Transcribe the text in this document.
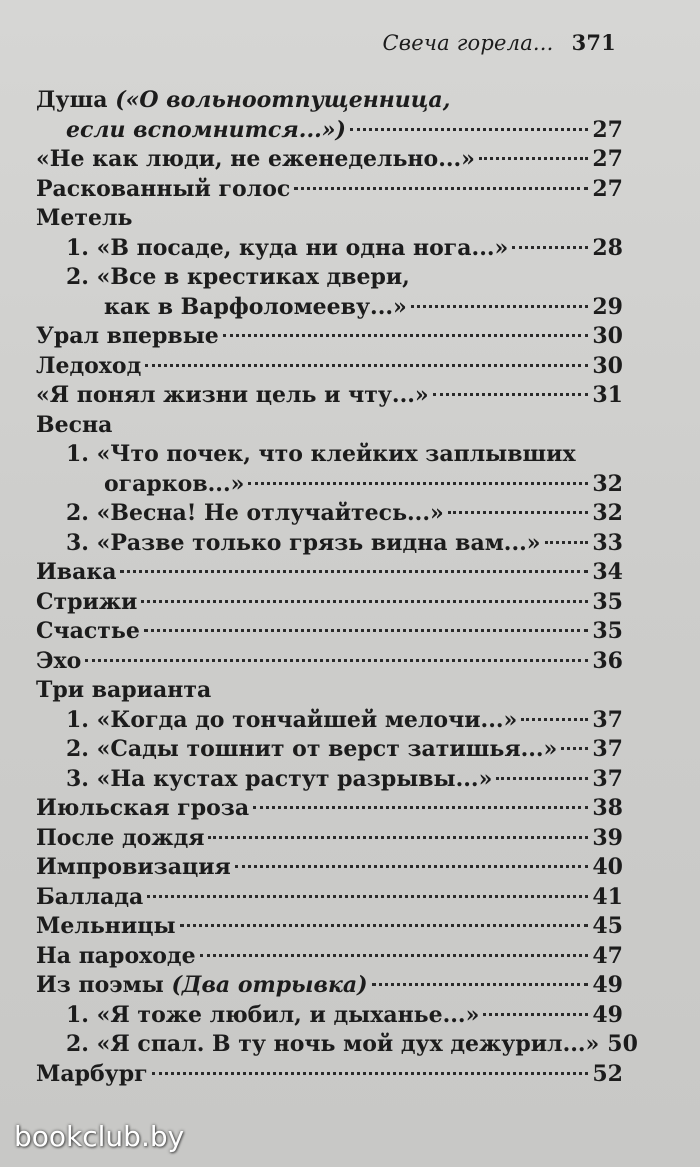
Свеча горела... 371
Душа («О вольноотпущенница,
если вспомнится...»)	27
«Не как люди, не еженедельно...»	27
Раскованный голос	27
Метель
1. «В посаде, куда ни одна нога...»	28
2. «Все в крестиках двери,
как в Варфоломееву...»	29
Урал впервые	30
Ледоход	30
«Я понял жизни цель и чту...»	31
Весна
1. «Что почек, что клейких заплывших
огарков...»	32
2. «Весна! Не отлучайтесь...»	32
3. «Разве только грязь видна вам...» 33
Ивака	34
Стрижи	35
Счастье	35
Эхо	36
Три варианта
1. «Когда до тончайшей мелочи...»	37
2. «Сады тошнит от верст затишья...» 37
3. «На кустах растут разрывы...»	37
Июльская гроза	38
После дождя	39
Импровизация	40
Баллада	41
Мельницы	45
На пароходе	47
Из поэмы (Два отрывка)	49
1. «Я тоже любил, и дыханье...»	49
2. «Я спал. В ту ночь мой дух дежурил...» 50
Марбург	52
bookclub.by
